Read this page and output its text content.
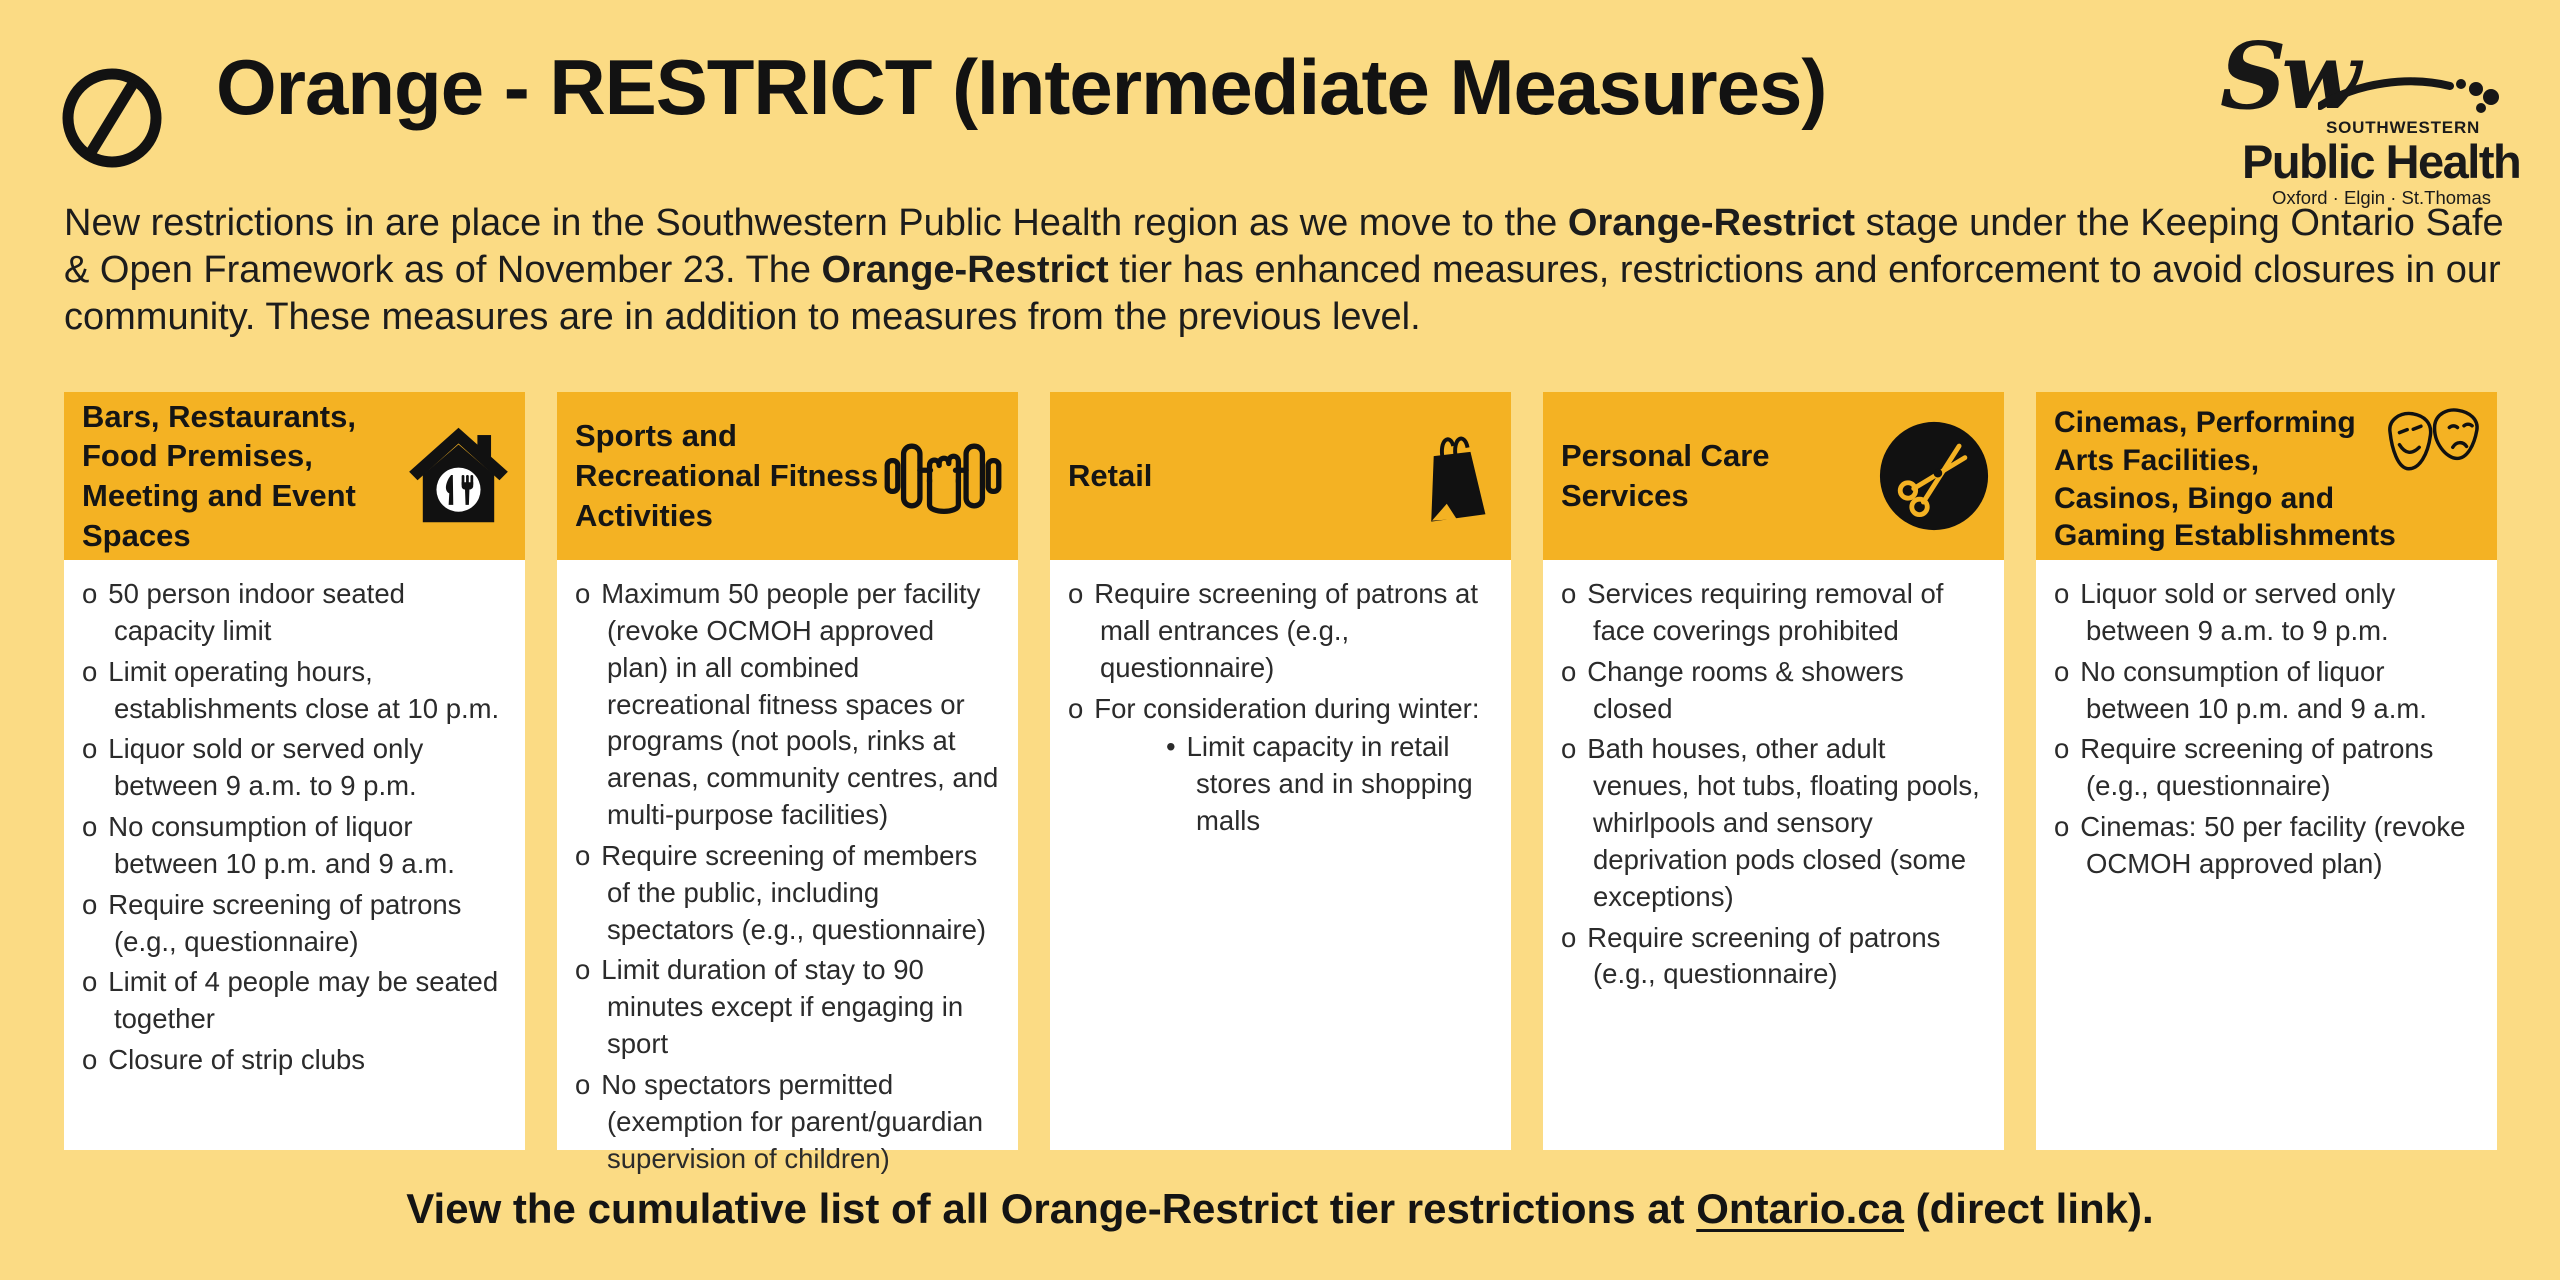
Orange - RESTRICT (Intermediate Measures)	Sw
SOUTHWESTERN
Public Health
Oxford · Elgin · St.Thomas

New restrictions in are place in the Southwestern Public Health region as we move to the Orange-Restrict stage under the Keeping Ontario Safe & Open Framework as of November 23. The Orange-Restrict tier has enhanced measures, restrictions and enforcement to avoid closures in our community. These measures are in addition to measures from the previous level.

Bars, Restaurants, Food Premises, Meeting and Event Spaces
o 50 person indoor seated capacity limit
o Limit operating hours, establishments close at 10 p.m.
o Liquor sold or served only between 9 a.m. to 9 p.m.
o No consumption of liquor between 10 p.m. and 9 a.m.
o Require screening of patrons (e.g., questionnaire)
o Limit of 4 people may be seated together
o Closure of strip clubs
Sports and Recreational Fitness Activities
o Maximum 50 people per facility (revoke OCMOH approved plan) in all combined recreational fitness spaces or programs (not pools, rinks at arenas, community centres, and multi-purpose facilities)
o Require screening of members of the public, including spectators (e.g., questionnaire)
o Limit duration of stay to 90 minutes except if engaging in sport
o No spectators permitted (exemption for parent/guardian supervision of children)
Retail
o Require screening of patrons at mall entrances (e.g., questionnaire)
o For consideration during winter:
• Limit capacity in retail stores and in shopping malls
Personal Care Services
o Services requiring removal of face coverings prohibited
o Change rooms & showers closed
o Bath houses, other adult venues, hot tubs, floating pools, whirlpools and sensory deprivation pods closed (some exceptions)
o Require screening of patrons (e.g., questionnaire)
Cinemas, Performing Arts Facilities, Casinos, Bingo and Gaming Establishments
o Liquor sold or served only between 9 a.m. to 9 p.m.
o No consumption of liquor between 10 p.m. and 9 a.m.
o Require screening of patrons (e.g., questionnaire)
o Cinemas: 50 per facility (revoke OCMOH approved plan)

View the cumulative list of all Orange-Restrict tier restrictions at Ontario.ca (direct link).
